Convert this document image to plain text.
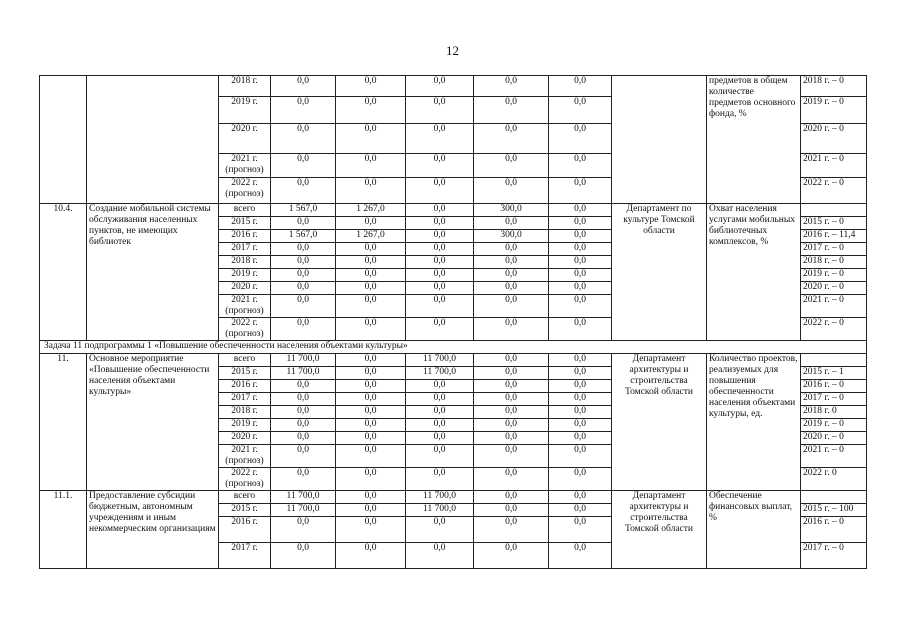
12
		2018 г.	0,0	0,0	0,0	0,0	0,0		предметов в общем количестве предметов основного фонда, %	2018 г. – 0
		2019 г.	0,0	0,0	0,0	0,0	0,0			2019 г. – 0
		2020 г.	0,0	0,0	0,0	0,0	0,0			2020 г. – 0
		2021 г. (прогноз)	0,0	0,0	0,0	0,0	0,0			2021 г. – 0
		2022 г. (прогноз)	0,0	0,0	0,0	0,0	0,0			2022 г. – 0
10.4.	Создание мобильной системы обслуживания населенных пунктов, не имеющих библиотек	всего	1 567,0	1 267,0	0,0	300,0	0,0	Департамент по культуре Томской области	Охват населения услугами мобильных библиотечных комплексов, %	
		2015 г.	0,0	0,0	0,0	0,0	0,0			2015 г. – 0
		2016 г.	1 567,0	1 267,0	0,0	300,0	0,0			2016 г. – 11,4
		2017 г.	0,0	0,0	0,0	0,0	0,0			2017 г. – 0
		2018 г.	0,0	0,0	0,0	0,0	0,0			2018 г. – 0
		2019 г.	0,0	0,0	0,0	0,0	0,0			2019 г. – 0
		2020 г.	0,0	0,0	0,0	0,0	0,0			2020 г. – 0
		2021 г. (прогноз)	0,0	0,0	0,0	0,0	0,0			2021 г. – 0
		2022 г. (прогноз)	0,0	0,0	0,0	0,0	0,0			2022 г. – 0
Задача 11 подпрограммы 1 «Повышение обеспеченности населения объектами культуры»										
11.	Основное мероприятие «Повышение обеспеченности населения объектами культуры»	всего	11 700,0	0,0	11 700,0	0,0	0,0	Департамент архитектуры и строительства Томской области	Количество проектов, реализуемых для повышения обеспеченности населения объектами культуры, ед.	
		2015 г.	11 700,0	0,0	11 700,0	0,0	0,0			2015 г. – 1
		2016 г.	0,0	0,0	0,0	0,0	0,0			2016 г. – 0
		2017 г.	0,0	0,0	0,0	0,0	0,0			2017 г. – 0
		2018 г.	0,0	0,0	0,0	0,0	0,0			2018 г. 0
		2019 г.	0,0	0,0	0,0	0,0	0,0			2019 г. – 0
		2020 г.	0,0	0,0	0,0	0,0	0,0			2020 г. – 0
		2021 г. (прогноз)	0,0	0,0	0,0	0,0	0,0			2021 г. – 0
		2022 г. (прогноз)	0,0	0,0	0,0	0,0	0,0			2022 г. 0
11.1.	Предоставление субсидии бюджетным, автономным учреждениям и иным некоммерческим организациям	всего	11 700,0	0,0	11 700,0	0,0	0,0	Департамент архитектуры и строительства Томской области	Обеспечение финансовых выплат, %	
		2015 г.	11 700,0	0,0	11 700,0	0,0	0,0			2015 г. – 100
		2016 г.	0,0	0,0	0,0	0,0	0,0			2016 г. – 0
		2017 г.	0,0	0,0	0,0	0,0	0,0			2017 г. – 0
